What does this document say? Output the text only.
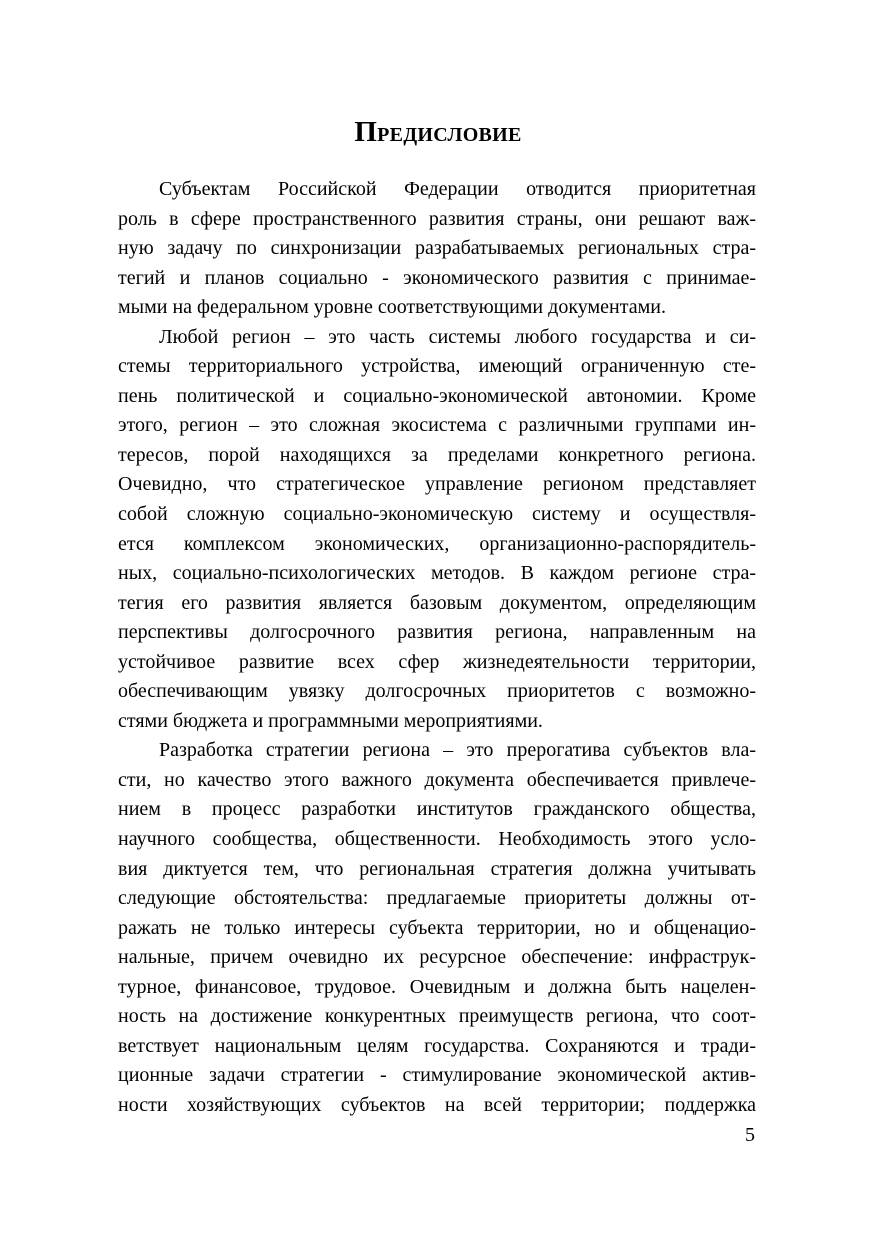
Предисловие
Субъектам Российской Федерации отводится приоритетная
роль в сфере пространственного развития страны, они решают важ-
ную задачу по синхронизации разрабатываемых региональных стра-
тегий и планов социально - экономического развития с принимае-
мыми на федеральном уровне соответствующими документами.
Любой регион – это часть системы любого государства и си-
стемы территориального устройства, имеющий ограниченную сте-
пень политической и социально-экономической автономии. Кроме
этого, регион – это сложная экосистема с различными группами ин-
тересов, порой находящихся за пределами конкретного региона.
Очевидно, что стратегическое управление регионом представляет
собой сложную социально-экономическую систему и осуществля-
ется комплексом экономических, организационно-распорядитель-
ных, социально-психологических методов. В каждом регионе стра-
тегия его развития является базовым документом, определяющим
перспективы долгосрочного развития региона, направленным на
устойчивое развитие всех сфер жизнедеятельности территории,
обеспечивающим увязку долгосрочных приоритетов с возможно-
стями бюджета и программными мероприятиями.
Разработка стратегии региона – это прерогатива субъектов вла-
сти, но качество этого важного документа обеспечивается привлече-
нием в процесс разработки институтов гражданского общества,
научного сообщества, общественности. Необходимость этого усло-
вия диктуется тем, что региональная стратегия должна учитывать
следующие обстоятельства: предлагаемые приоритеты должны от-
ражать не только интересы субъекта территории, но и общенацио-
нальные, причем очевидно их ресурсное обеспечение: инфраструк-
турное, финансовое, трудовое. Очевидным и должна быть нацелен-
ность на достижение конкурентных преимуществ региона, что соот-
ветствует национальным целям государства. Сохраняются и тради-
ционные задачи стратегии - стимулирование экономической актив-
ности хозяйствующих субъектов на всей территории; поддержка
5
